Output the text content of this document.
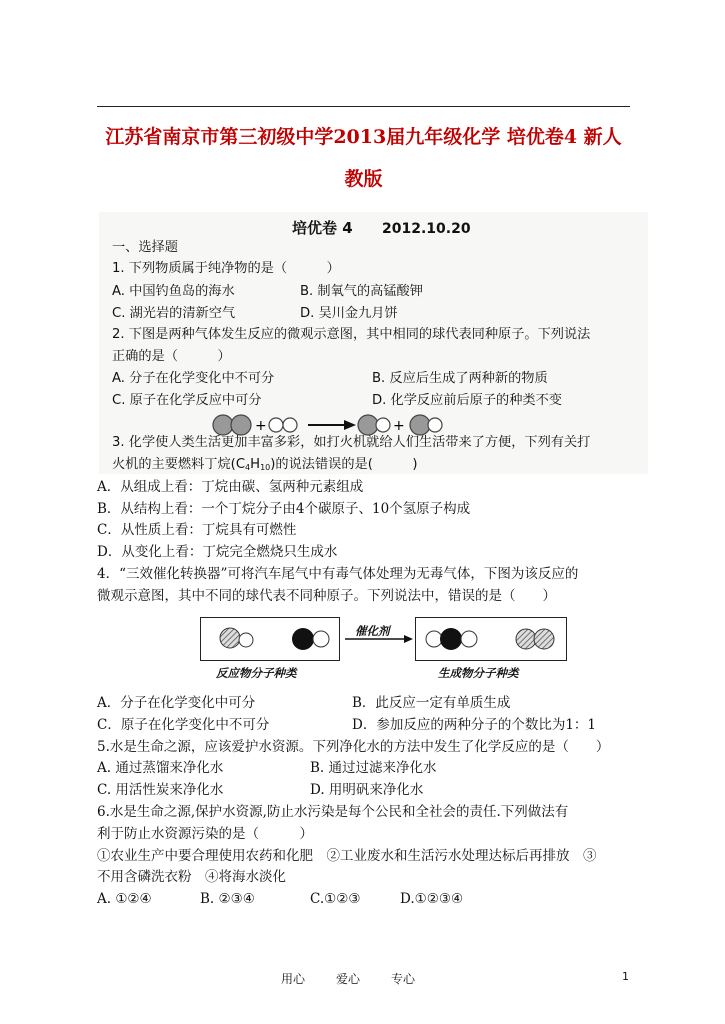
江苏省南京市第三初级中学2013届九年级化学 培优卷4 新人教版
培优卷 4 2012.10.20
一、选择题
1. 下列物质属于纯净物的是（　　　）
A. 中国钓鱼岛的海水	B. 制氧气的高锰酸钾
C. 湖光岩的清新空气	D. 吴川金九月饼
2. 下图是两种气体发生反应的微观示意图，其中相同的球代表同种原子。下列说法
正确的是（　　　）
A. 分子在化学变化中不可分	B. 反应后生成了两种新的物质
C. 原子在化学反应中可分	D. 化学反应前后原子的种类不变
+	+
3. 化学使人类生活更加丰富多彩，如打火机就给人们生活带来了方便，下列有关打
火机的主要燃料丁烷$(C_4H_{10})$的说法错误的是(　　　)
A．从组成上看：丁烷由碳、氢两种元素组成
B．从结构上看：一个丁烷分子由4个碳原子、10个氢原子构成
C．从性质上看：丁烷具有可燃性
D．从变化上看：丁烷完全燃烧只生成水
4．“三效催化转换器”可将汽车尾气中有毒气体处理为无毒气体，下图为该反应的
微观示意图，其中不同的球代表不同种原子。下列说法中，错误的是（　　）
催化剂
反应物分子种类	生成物分子种类
A．分子在化学变化中可分	B．此反应一定有单质生成
C．原子在化学变化中不可分	D．参加反应的两种分子的个数比为1：1
5.水是生命之源，应该爱护水资源。下列净化水的方法中发生了化学反应的是（　　）
A. 通过蒸馏来净化水	B. 通过过滤来净化水
C. 用活性炭来净化水	D. 用明矾来净化水
6.水是生命之源,保护水资源,防止水污染是每个公民和全社会的责任.下列做法有
利于防止水资源污染的是（　　　）
①农业生产中要合理使用农药和化肥　②工业废水和生活污水处理达标后再排放　③
不用含磷洗衣粉　④将海水淡化
A. ①②④	B. ②③④	C.①②③	D.①②③④
用心	爱心	专心	1
